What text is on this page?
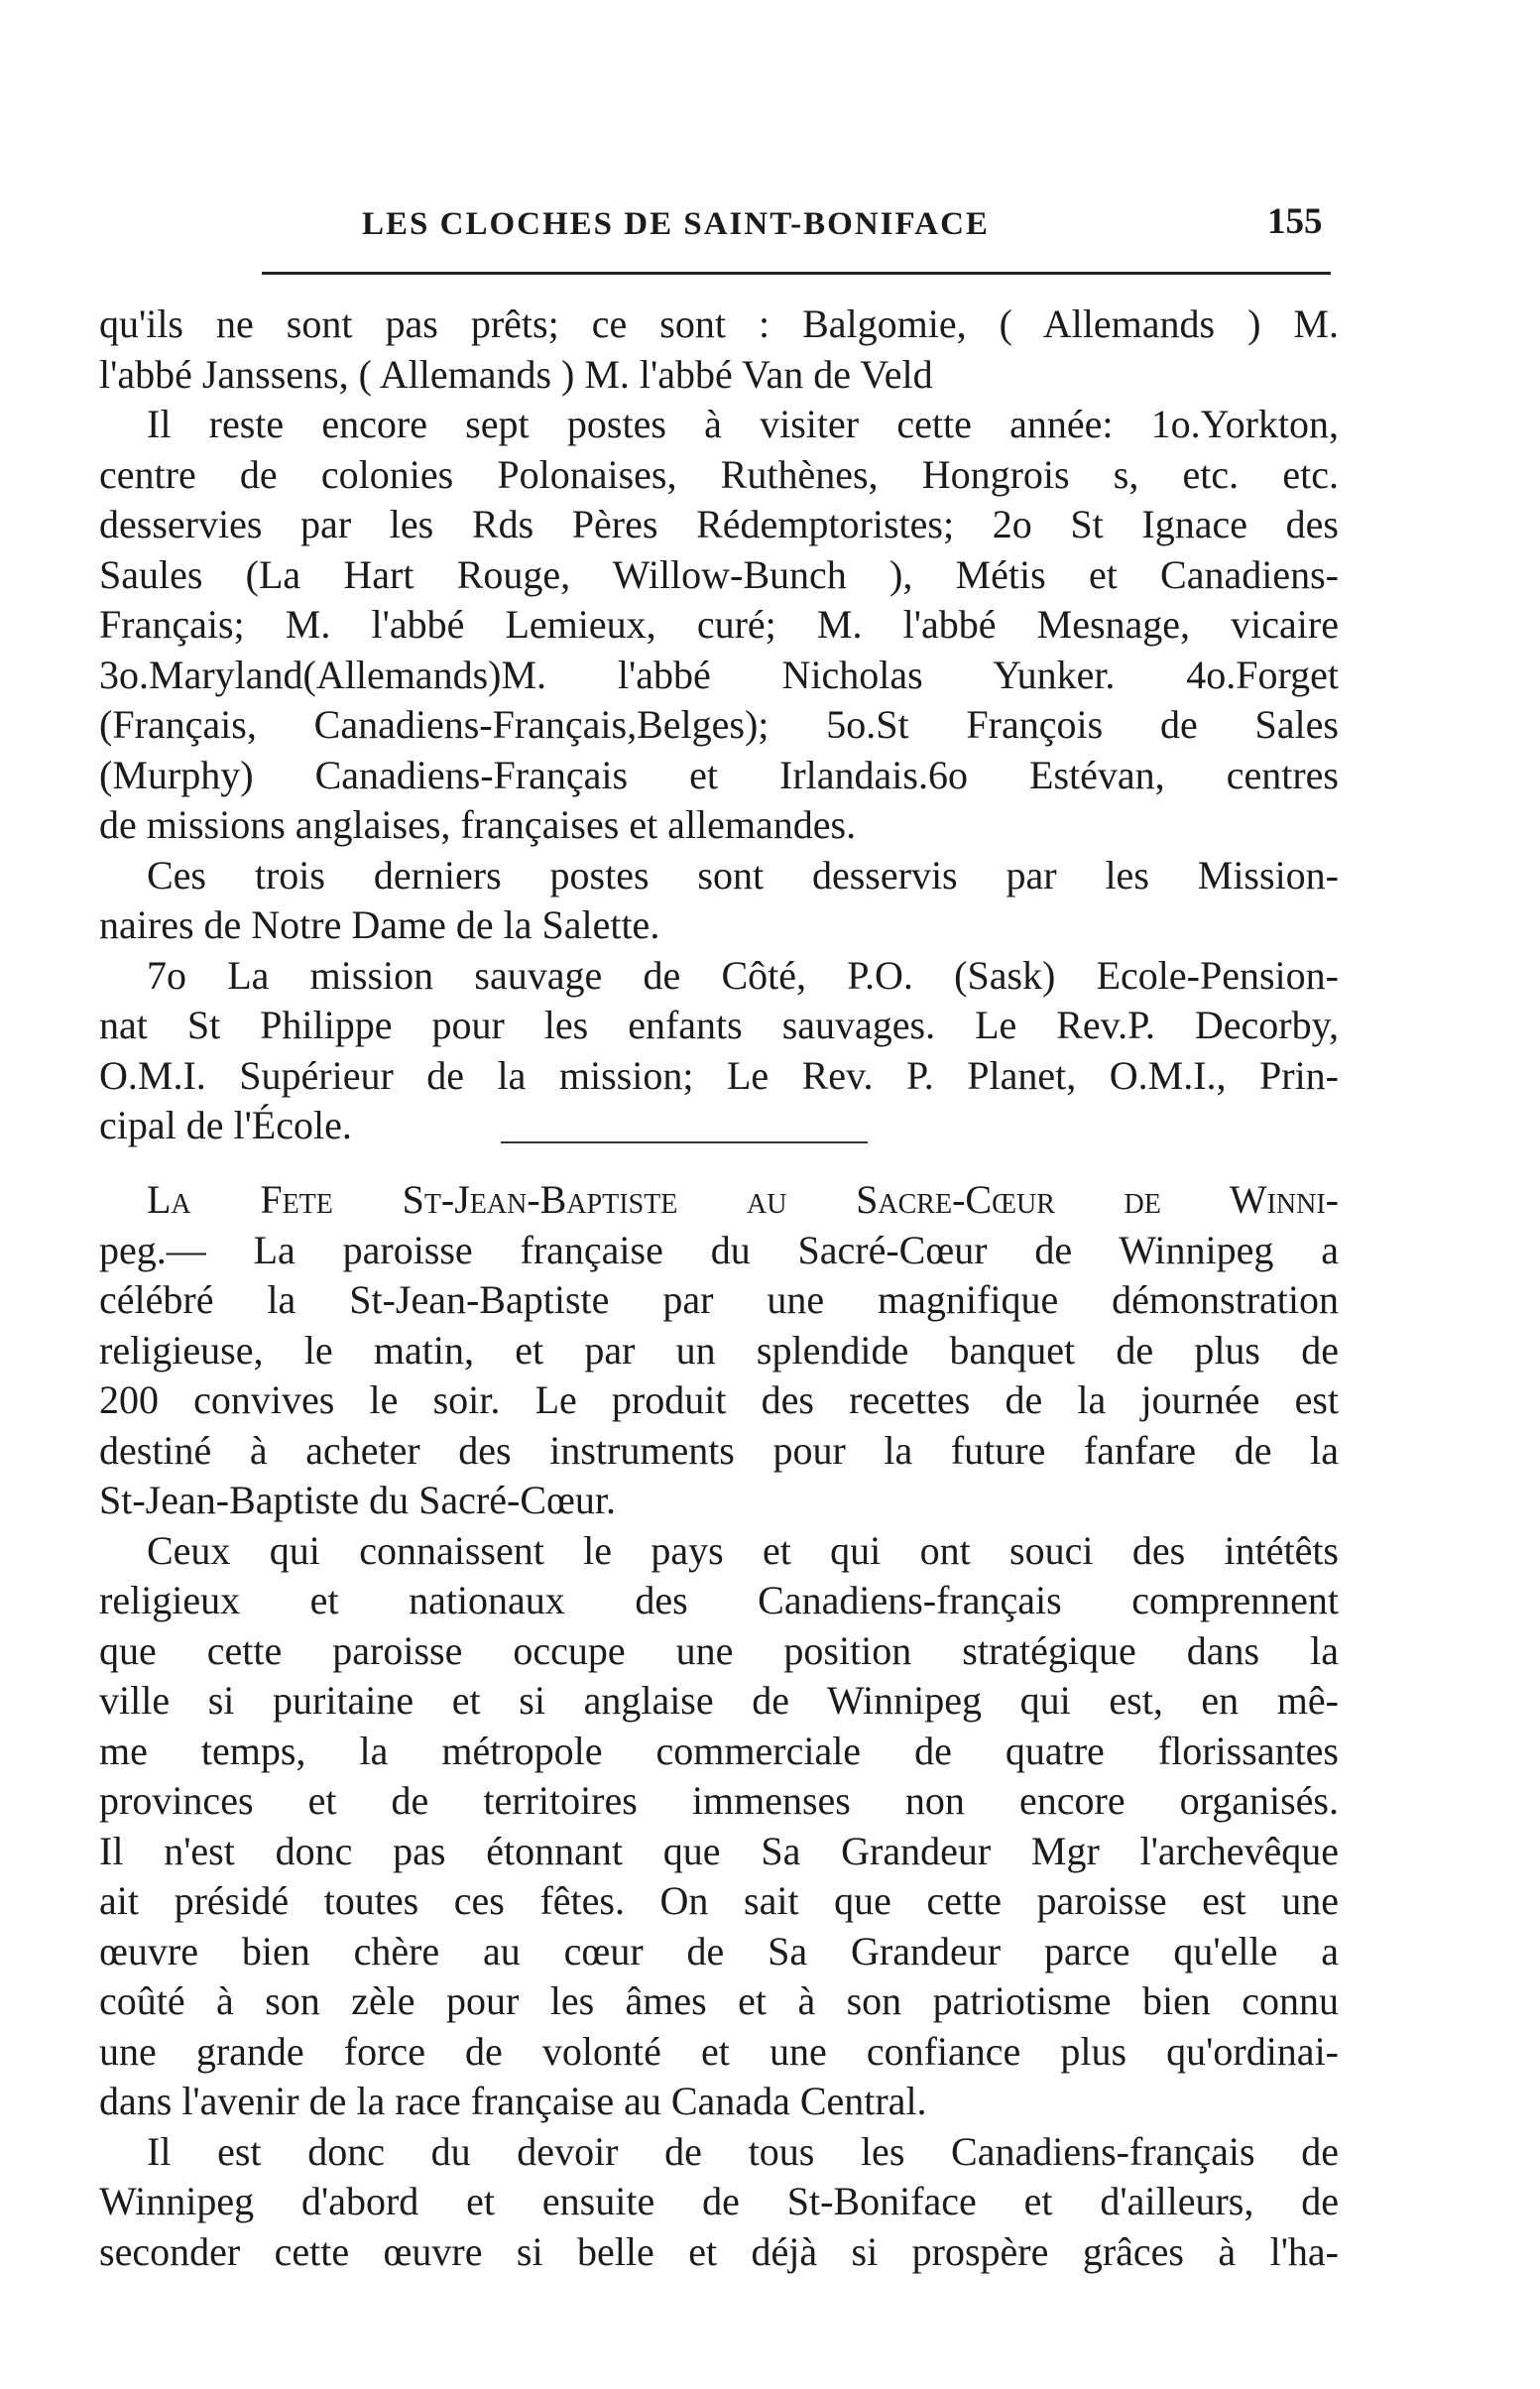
LES CLOCHES DE SAINT-BONIFACE	155
qu'ils ne sont pas prêts; ce sont : Balgomie, ( Allemands ) M.
l'abbé Janssens, ( Allemands ) M. l'abbé Van de Veld
Il reste encore sept postes à visiter cette année: 1o.Yorkton,
centre de colonies Polonaises, Ruthènes, Hongrois s, etc. etc.
desservies par les Rds Pères Rédemptoristes; 2o St Ignace des
Saules (La Hart Rouge, Willow-Bunch ), Métis et Canadiens-
Français; M. l'abbé Lemieux, curé; M. l'abbé Mesnage, vicaire
3o.Maryland(Allemands)M. l'abbé Nicholas Yunker. 4o.Forget
(Français, Canadiens-Français,Belges); 5o.St François de Sales
(Murphy) Canadiens-Français et Irlandais.6o Estévan, centres
de missions anglaises, françaises et allemandes.
Ces trois derniers postes sont desservis par les Mission-
naires de Notre Dame de la Salette.
7o La mission sauvage de Côté, P.O. (Sask) Ecole-Pension-
nat St Philippe pour les enfants sauvages. Le Rev.P. Decorby,
O.M.I. Supérieur de la mission; Le Rev. P. Planet, O.M.I., Prin-
cipal de l'École.
La Fete St-Jean-Baptiste au Sacre-Cœur de Winni-
peg.— La paroisse française du Sacré-Cœur de Winnipeg a
célébré la St-Jean-Baptiste par une magnifique démonstration
religieuse, le matin, et par un splendide banquet de plus de
200 convives le soir. Le produit des recettes de la journée est
destiné à acheter des instruments pour la future fanfare de la
St-Jean-Baptiste du Sacré-Cœur.
Ceux qui connaissent le pays et qui ont souci des intétêts
religieux et nationaux des Canadiens-français comprennent
que cette paroisse occupe une position stratégique dans la
ville si puritaine et si anglaise de Winnipeg qui est, en mê-
me temps, la métropole commerciale de quatre florissantes
provinces et de territoires immenses non encore organisés.
Il n'est donc pas étonnant que Sa Grandeur Mgr l'archevêque
ait présidé toutes ces fêtes. On sait que cette paroisse est une
œuvre bien chère au cœur de Sa Grandeur parce qu'elle a
coûté à son zèle pour les âmes et à son patriotisme bien connu
une grande force de volonté et une confiance plus qu'ordinai-
dans l'avenir de la race française au Canada Central.
Il est donc du devoir de tous les Canadiens-français de
Winnipeg d'abord et ensuite de St-Boniface et d'ailleurs, de
seconder cette œuvre si belle et déjà si prospère grâces à l'ha-
